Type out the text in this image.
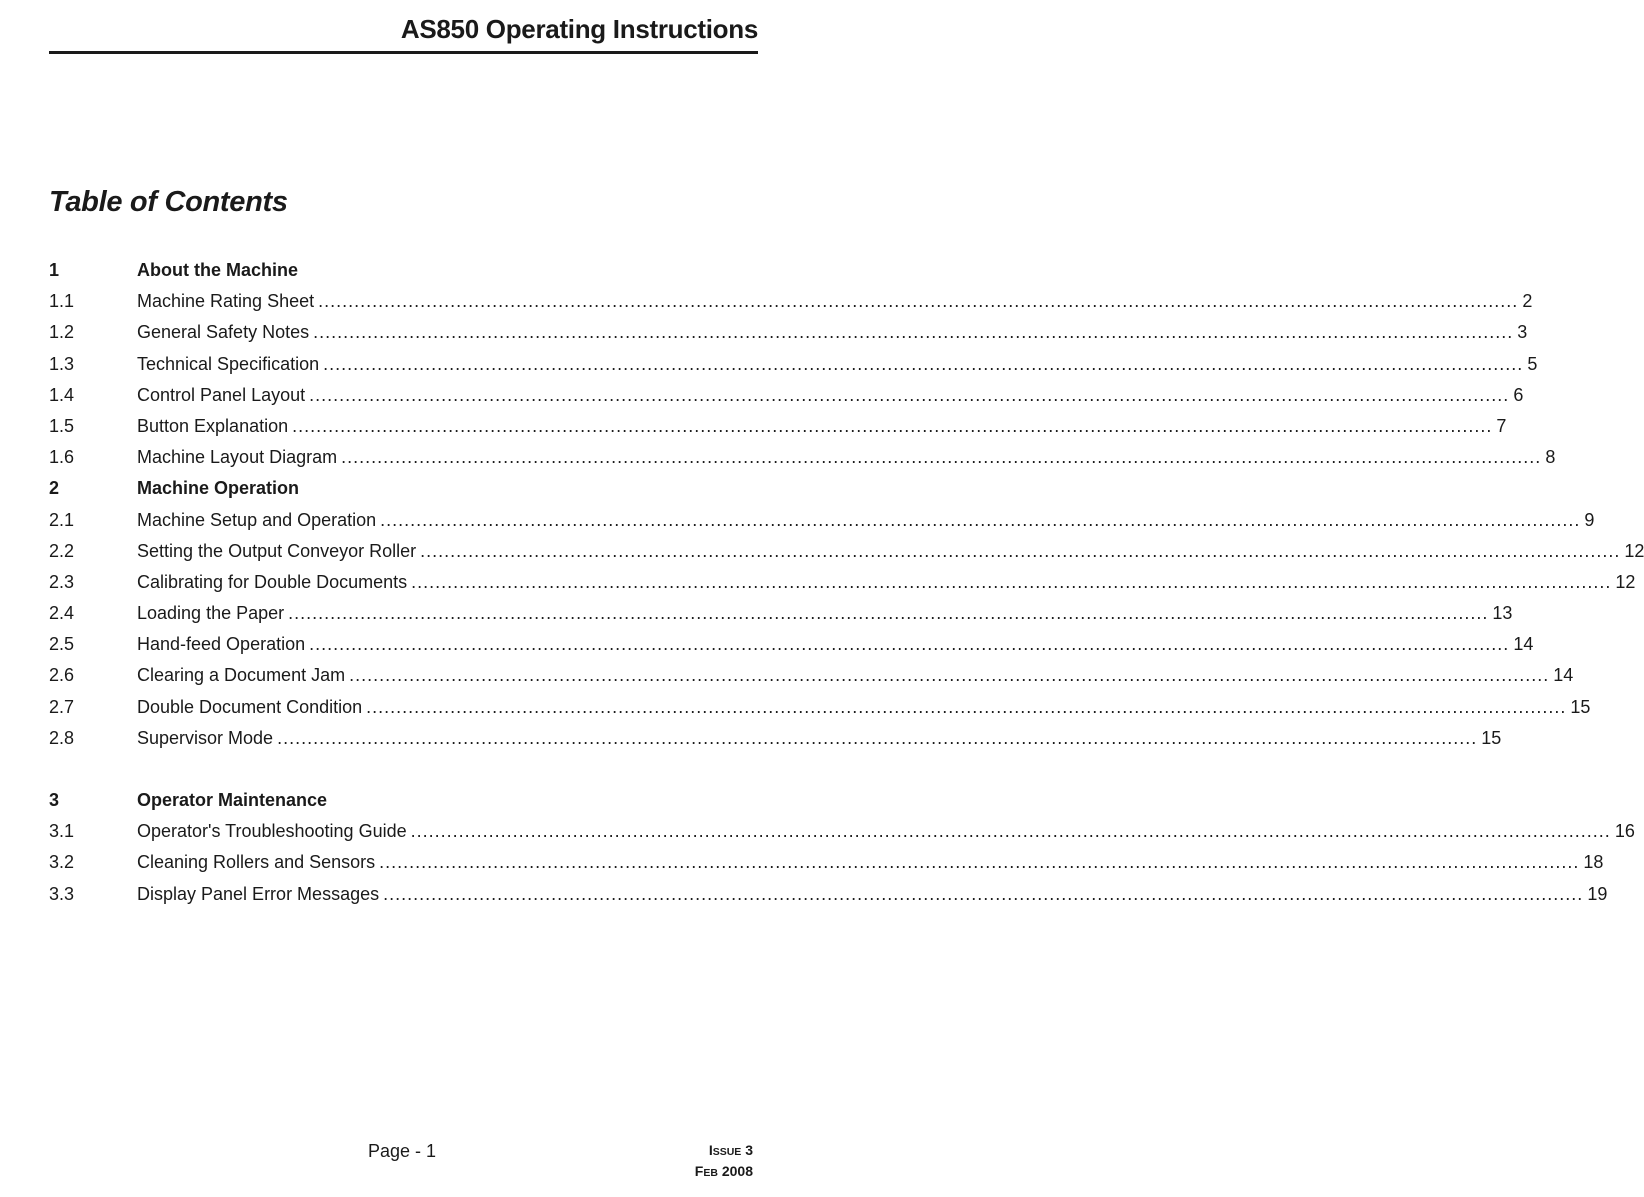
AS850 Operating Instructions
Table of Contents
1	About the Machine
1.1	Machine Rating Sheet ........................................................................................................................................................................................................ 2
1.2	General Safety Notes ........................................................................................................................................................................................................ 3
1.3	Technical Specification ........................................................................................................................................................................................................ 5
1.4	Control Panel Layout ........................................................................................................................................................................................................ 6
1.5	Button Explanation ........................................................................................................................................................................................................ 7
1.6	Machine Layout Diagram ........................................................................................................................................................................................................ 8
2	Machine Operation
2.1	Machine Setup and Operation ........................................................................................................................................................................................................ 9
2.2	Setting the Output Conveyor Roller ........................................................................................................................................................................................................ 12
2.3	Calibrating for Double Documents ........................................................................................................................................................................................................ 12
2.4	Loading the Paper ........................................................................................................................................................................................................ 13
2.5	Hand-feed Operation ........................................................................................................................................................................................................ 14
2.6	Clearing a Document Jam ........................................................................................................................................................................................................ 14
2.7	Double Document Condition ........................................................................................................................................................................................................ 15
2.8	Supervisor Mode ........................................................................................................................................................................................................ 15
3	Operator Maintenance
3.1	Operator's Troubleshooting Guide ........................................................................................................................................................................................................ 16
3.2	Cleaning Rollers and Sensors ........................................................................................................................................................................................................ 18
3.3	Display Panel Error Messages ........................................................................................................................................................................................................ 19
Page - 1	ISSUE 3
FEB 2008
